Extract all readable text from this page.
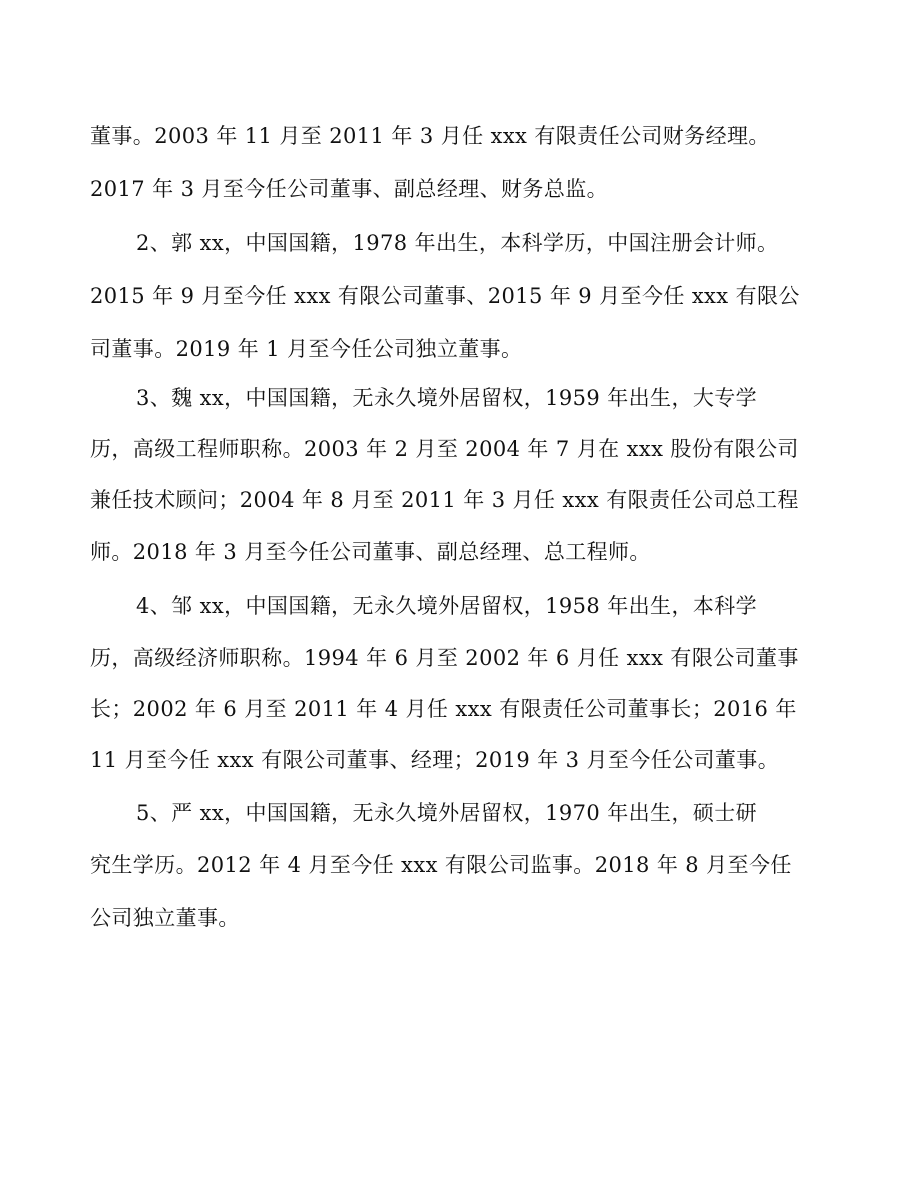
董事。2003 年 11 月至 2011 年 3 月任 xxx 有限责任公司财务经理。
2017 年 3 月至今任公司董事、副总经理、财务总监。
2、郭 xx，中国国籍，1978 年出生，本科学历，中国注册会计师。
2015 年 9 月至今任 xxx 有限公司董事、2015 年 9 月至今任 xxx 有限公
司董事。2019 年 1 月至今任公司独立董事。
3、魏 xx，中国国籍，无永久境外居留权，1959 年出生，大专学
历，高级工程师职称。2003 年 2 月至 2004 年 7 月在 xxx 股份有限公司
兼任技术顾问；2004 年 8 月至 2011 年 3 月任 xxx 有限责任公司总工程
师。2018 年 3 月至今任公司董事、副总经理、总工程师。
4、邹 xx，中国国籍，无永久境外居留权，1958 年出生，本科学
历，高级经济师职称。1994 年 6 月至 2002 年 6 月任 xxx 有限公司董事
长；2002 年 6 月至 2011 年 4 月任 xxx 有限责任公司董事长；2016 年
11 月至今任 xxx 有限公司董事、经理；2019 年 3 月至今任公司董事。
5、严 xx，中国国籍，无永久境外居留权，1970 年出生，硕士研
究生学历。2012 年 4 月至今任 xxx 有限公司监事。2018 年 8 月至今任
公司独立董事。
